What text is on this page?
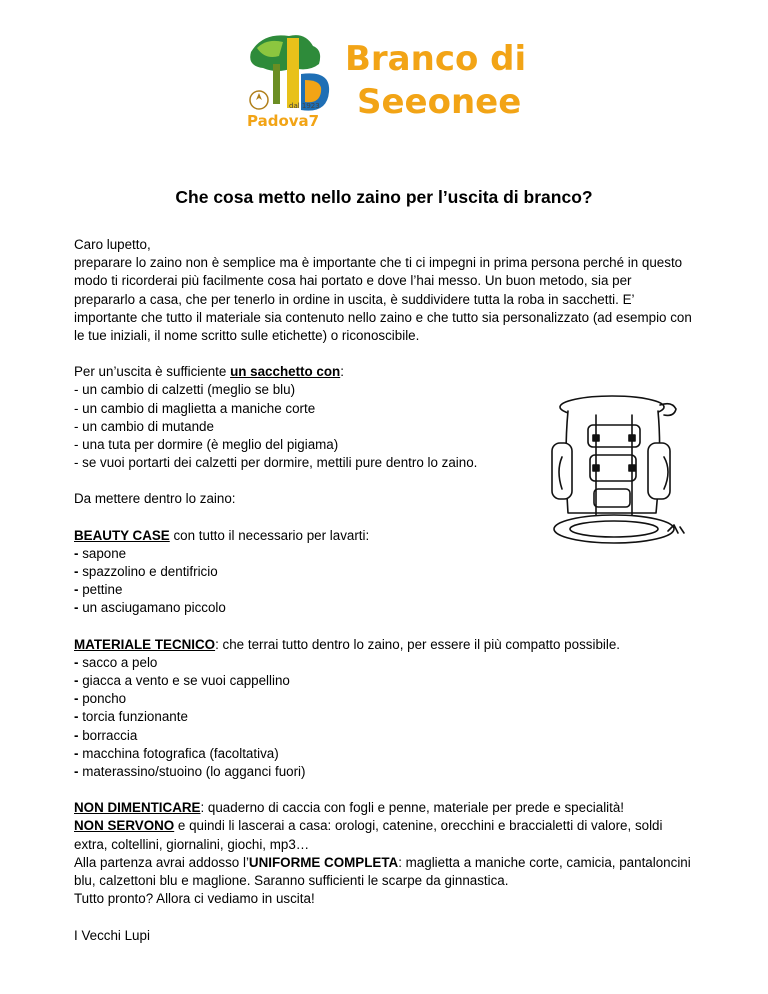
dal 1923
Padova7
Branco di
Seeonee
Che cosa metto nello zaino per l’uscita di branco?

Caro lupetto,

preparare lo zaino non è semplice ma è importante che ti ci impegni in prima persona perché in questo modo ti ricorderai più facilmente cosa hai portato e dove l’hai messo. Un buon metodo, sia per prepararlo a casa, che per tenerlo in ordine in uscita, è suddividere tutta la roba in sacchetti. E’ importante che tutto il materiale sia contenuto nello zaino e che tutto sia personalizzato (ad esempio con le tue iniziali, il nome scritto sulle etichette) o riconoscibile.

Per un’uscita è sufficiente un sacchetto con:

- un cambio di calzetti (meglio se blu)

- un cambio di maglietta a maniche corte

- un cambio di mutande

- una tuta per dormire (è meglio del pigiama)

- se vuoi portarti dei calzetti per dormire, mettili pure dentro lo zaino.

Da mettere dentro lo zaino:

BEAUTY CASE con tutto il necessario per lavarti:

- sapone

- spazzolino e dentifricio

- pettine

- un asciugamano piccolo

MATERIALE TECNICO: che terrai tutto dentro lo zaino, per essere il più compatto possibile.

- sacco a pelo

- giacca a vento e se vuoi cappellino

- poncho

- torcia funzionante

- borraccia

- macchina fotografica (facoltativa)

- materassino/stuoino (lo agganci fuori)

NON DIMENTICARE: quaderno di caccia con fogli e penne, materiale per prede e specialità!

NON SERVONO e quindi li lascerai a casa: orologi, catenine, orecchini e braccialetti di valore, soldi extra, coltellini, giornalini, giochi, mp3…

Alla partenza avrai addosso l’UNIFORME COMPLETA: maglietta a maniche corte, camicia, pantaloncini blu, calzettoni blu e maglione. Saranno sufficienti le scarpe da ginnastica.

Tutto pronto? Allora ci vediamo in uscita!

I Vecchi Lupi
